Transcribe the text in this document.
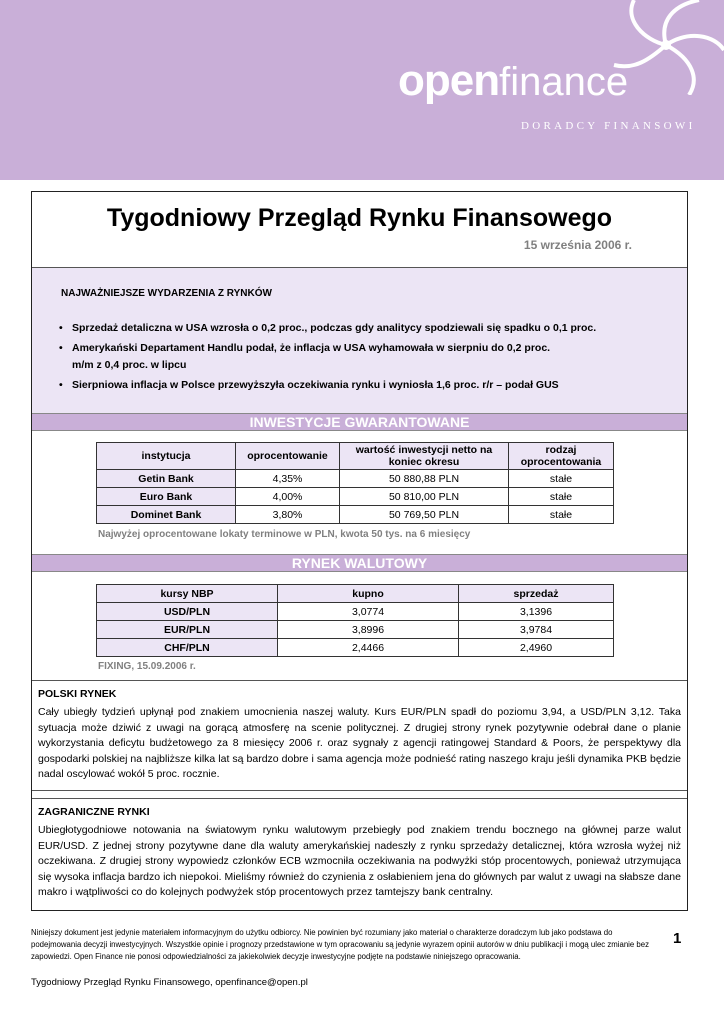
openfinance
DORADCY FINANSOWI
Tygodniowy Przegląd Rynku Finansowego
15 września 2006 r.
NAJWAŻNIEJSZE WYDARZENIA Z RYNKÓW
• Sprzedaż detaliczna w USA wzrosła o 0,2 proc., podczas gdy analitycy spodziewali się spadku o 0,1 proc.
• Amerykański Departament Handlu podał, że inflacja w USA wyhamowała w sierpniu do 0,2 proc. m/m z 0,4 proc. w lipcu
• Sierpniowa inflacja w Polsce przewyższyła oczekiwania rynku i wyniosła 1,6 proc. r/r – podał GUS
INWESTYCJE GWARANTOWANE
instytucja	oprocentowanie	wartość inwestycji netto na koniec okresu	rodzaj oprocentowania
Getin Bank	4,35%	50 880,88 PLN	stałe
Euro Bank	4,00%	50 810,00 PLN	stałe
Dominet Bank	3,80%	50 769,50 PLN	stałe
Najwyżej oprocentowane lokaty terminowe w PLN, kwota 50 tys. na 6 miesięcy
RYNEK WALUTOWY
kursy NBP	kupno	sprzedaż
USD/PLN	3,0774	3,1396
EUR/PLN	3,8996	3,9784
CHF/PLN	2,4466	2,4960
FIXING, 15.09.2006 r.
POLSKI RYNEK
Cały ubiegły tydzień upłynął pod znakiem umocnienia naszej waluty. Kurs EUR/PLN spadł do poziomu 3,94, a USD/PLN 3,12. Taka sytuacja może dziwić z uwagi na gorącą atmosferę na scenie politycznej. Z drugiej strony rynek pozytywnie odebrał dane o planie wykorzystania deficytu budżetowego za 8 miesięcy 2006 r. oraz sygnały z agencji ratingowej Standard & Poors, że perspektywy dla gospodarki polskiej na najbliższe kilka lat są bardzo dobre i sama agencja może podnieść rating naszego kraju jeśli dynamika PKB będzie nadal oscylować wokół 5 proc. rocznie.
ZAGRANICZNE RYNKI
Ubiegłotygodniowe notowania na światowym rynku walutowym przebiegły pod znakiem trendu bocznego na głównej parze walut EUR/USD. Z jednej strony pozytywne dane dla waluty amerykańskiej nadeszły z rynku sprzedaży detalicznej, która wzrosła wyżej niż oczekiwana. Z drugiej strony wypowiedz członków ECB wzmocniła oczekiwania na podwyżki stóp procentowych, ponieważ utrzymująca się wysoka inflacja bardzo ich niepokoi. Mieliśmy również do czynienia z osłabieniem jena do głównych par walut z uwagi na słabsze dane makro i wątpliwości co do kolejnych podwyżek stóp procentowych przez tamtejszy bank centralny.
Niniejszy dokument jest jedynie materiałem informacyjnym do użytku odbiorcy. Nie powinien być rozumiany jako materiał o charakterze doradczym lub jako podstawa do podejmowania decyzji inwestycyjnych. Wszystkie opinie i prognozy przedstawione w tym opracowaniu są jedynie wyrazem opinii autorów w dniu publikacji i mogą ulec zmianie bez zapowiedzi. Open Finance nie ponosi odpowiedzialności za jakiekolwiek decyzje inwestycyjne podjęte na podstawie niniejszego opracowania.
1
Tygodniowy Przegląd Rynku Finansowego, openfinance@open.pl
